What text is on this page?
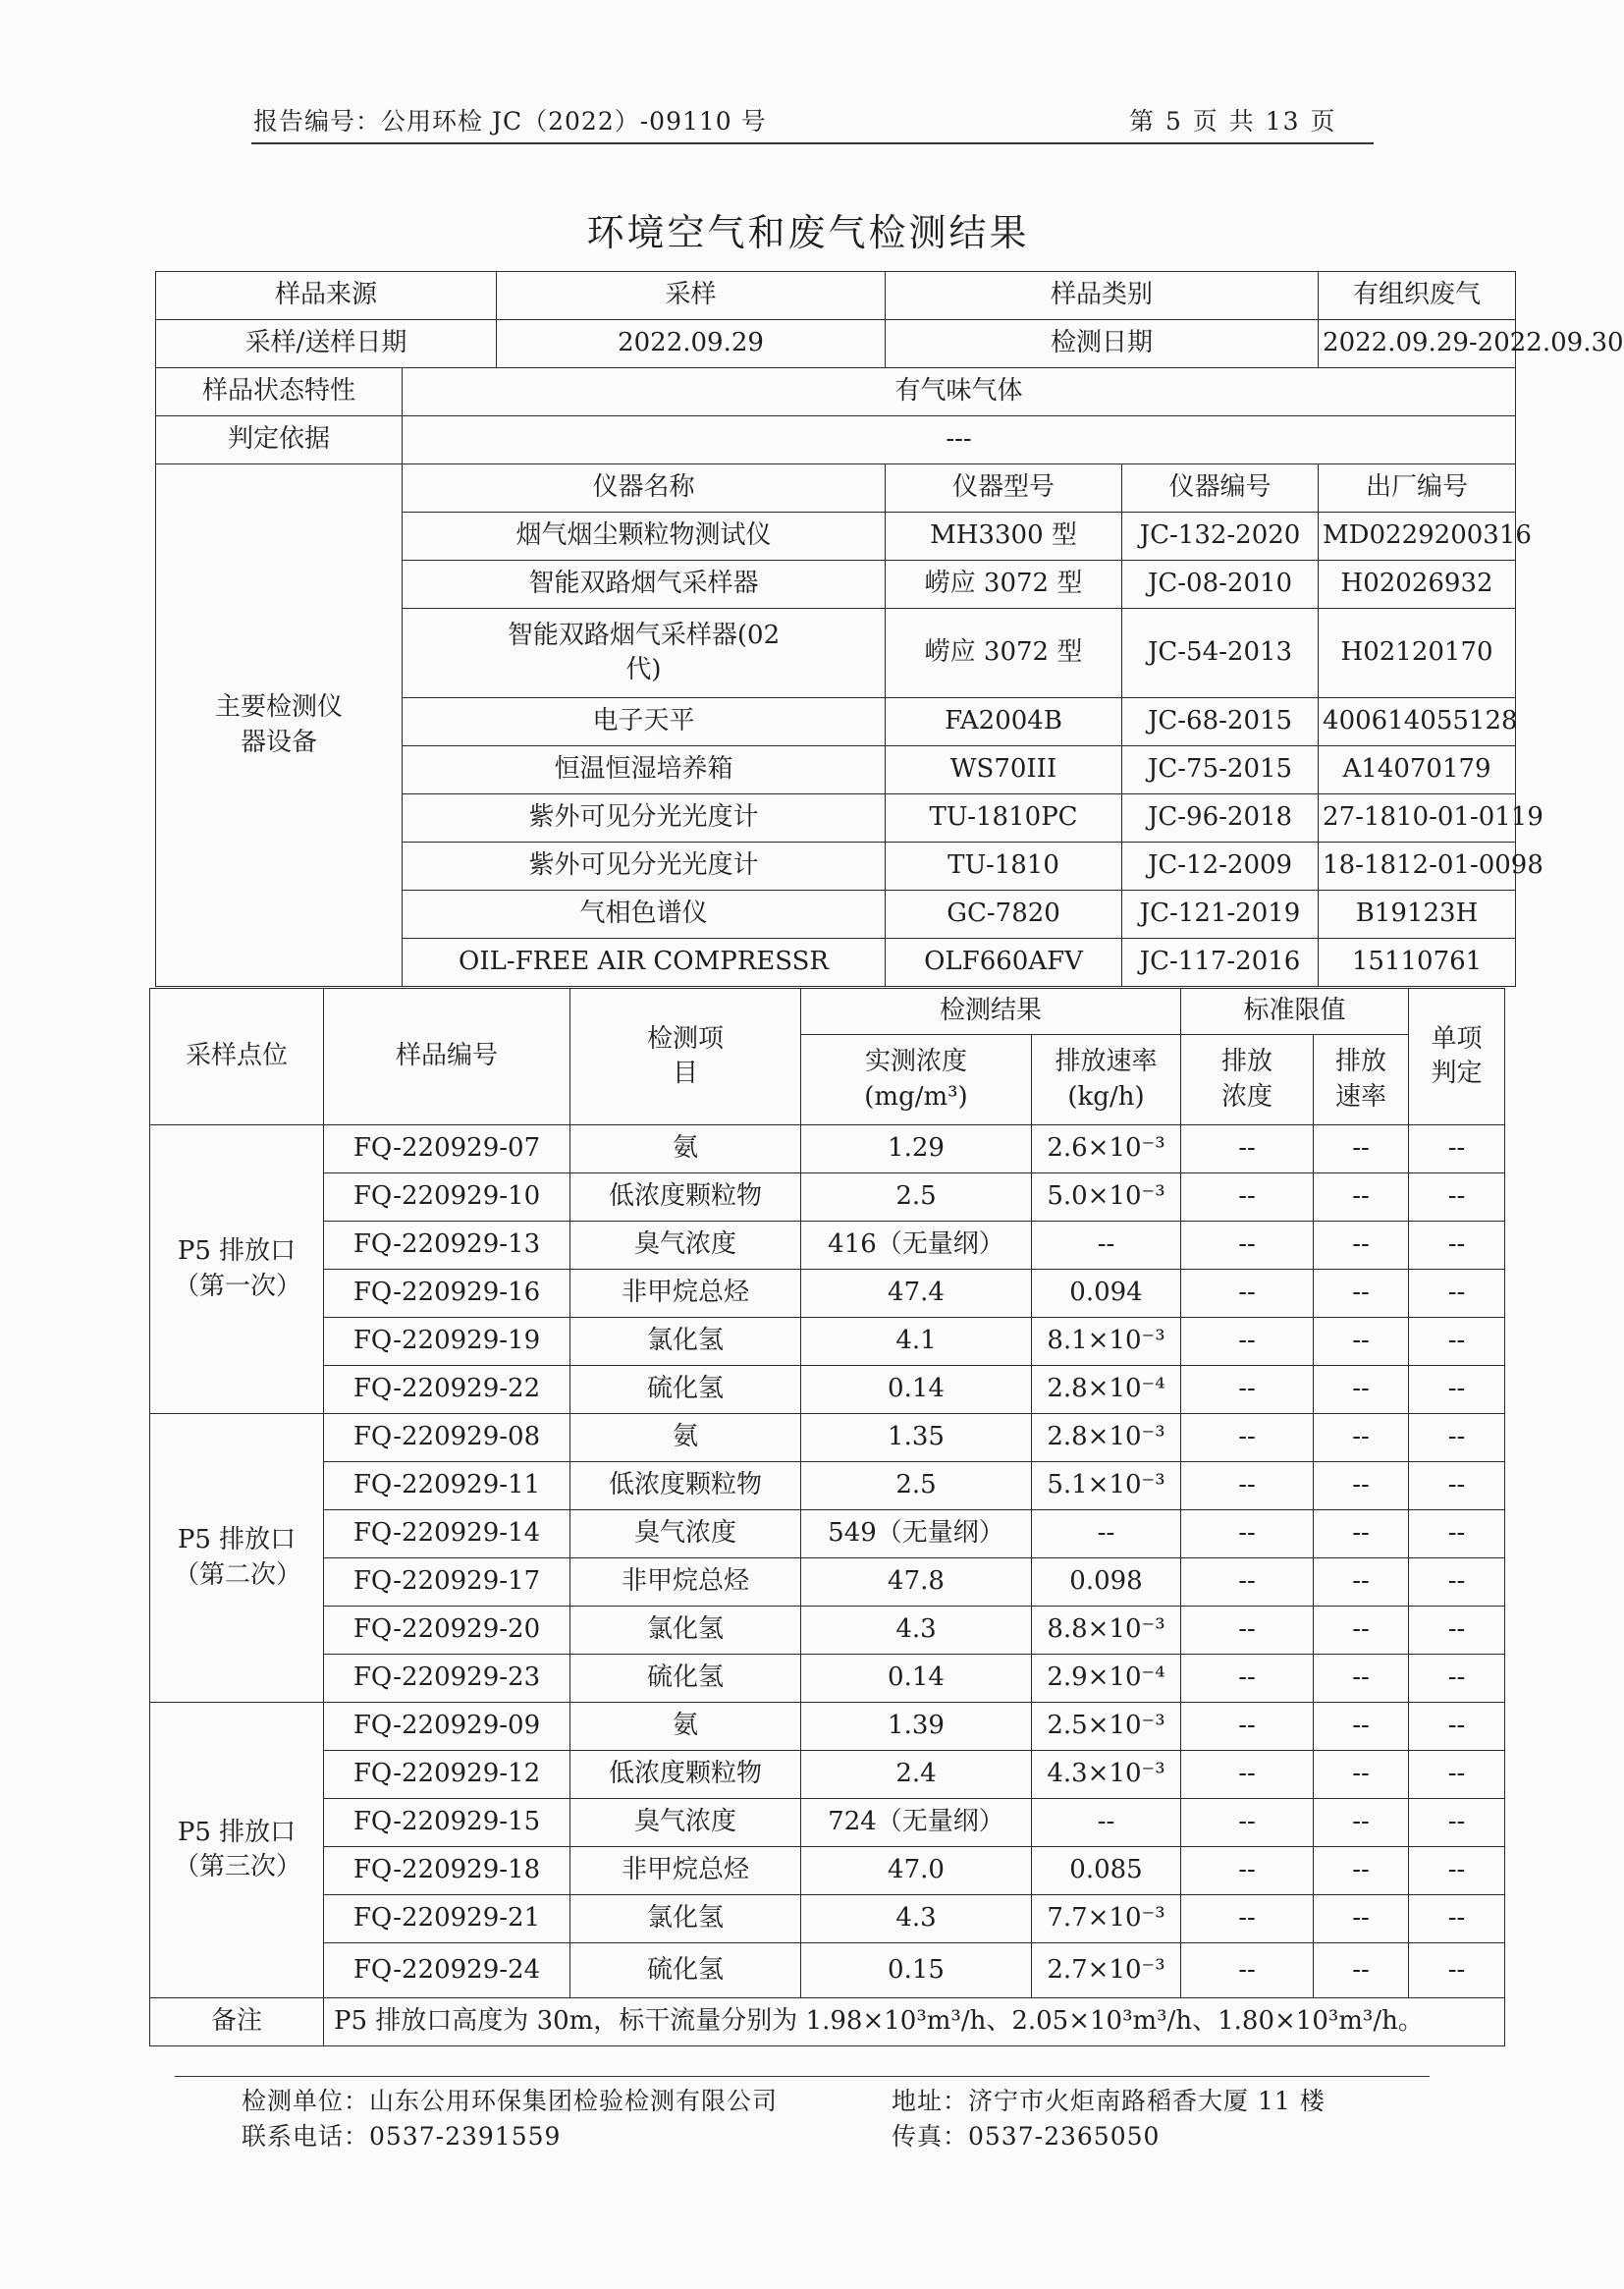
报告编号：公用环检 JC（2022）-09110 号	第 5 页 共 13 页
环境空气和废气检测结果
样品来源		采样	样品类别		有组织废气
采样/送样日期		2022.09.29	检测日期		2022.09.29-2022.09.30
样品状态特性	有气味气体				
判定依据	---				
主要检测仪器设备	仪器名称		仪器型号	仪器编号	出厂编号
	烟气烟尘颗粒物测试仪		MH3300 型	JC-132-2020	MD0229200316
	智能双路烟气采样器		崂应 3072 型	JC-08-2010	H02026932
	智能双路烟气采样器(02 代)		崂应 3072 型	JC-54-2013	H02120170
	电子天平		FA2004B	JC-68-2015	400614055128
	恒温恒湿培养箱		WS70III	JC-75-2015	A14070179
	紫外可见分光光度计		TU-1810PC	JC-96-2018	27-1810-01-0119
	紫外可见分光光度计		TU-1810	JC-12-2009	18-1812-01-0098
	气相色谱仪		GC-7820	JC-121-2019	B19123H
	OIL-FREE AIR COMPRESSR		OLF660AFV	JC-117-2016	15110761
采样点位	样品编号	检测项目	检测结果		标准限值		单项判定
			实测浓度(mg/m³)	排放速率(kg/h)	排放浓度	排放速率	
P5 排放口（第一次）	FQ-220929-07	氨	1.29	2.6×10⁻³	--	--	--
	FQ-220929-10	低浓度颗粒物	2.5	5.0×10⁻³	--	--	--
	FQ-220929-13	臭气浓度	416（无量纲）	--	--	--	--
	FQ-220929-16	非甲烷总烃	47.4	0.094	--	--	--
	FQ-220929-19	氯化氢	4.1	8.1×10⁻³	--	--	--
	FQ-220929-22	硫化氢	0.14	2.8×10⁻⁴	--	--	--
P5 排放口（第二次）	FQ-220929-08	氨	1.35	2.8×10⁻³	--	--	--
	FQ-220929-11	低浓度颗粒物	2.5	5.1×10⁻³	--	--	--
	FQ-220929-14	臭气浓度	549（无量纲）	--	--	--	--
	FQ-220929-17	非甲烷总烃	47.8	0.098	--	--	--
	FQ-220929-20	氯化氢	4.3	8.8×10⁻³	--	--	--
	FQ-220929-23	硫化氢	0.14	2.9×10⁻⁴	--	--	--
P5 排放口（第三次）	FQ-220929-09	氨	1.39	2.5×10⁻³	--	--	--
	FQ-220929-12	低浓度颗粒物	2.4	4.3×10⁻³	--	--	--
	FQ-220929-15	臭气浓度	724（无量纲）	--	--	--	--
	FQ-220929-18	非甲烷总烃	47.0	0.085	--	--	--
	FQ-220929-21	氯化氢	4.3	7.7×10⁻³	--	--	--
	FQ-220929-24	硫化氢	0.15	2.7×10⁻³	--	--	--
备注	P5 排放口高度为 30m，标干流量分别为 1.98×10³m³/h、2.05×10³m³/h、1.80×10³m³/h。						
检测单位：山东公用环保集团检验检测有限公司	地址：济宁市火炬南路稻香大厦 11 楼
联系电话：0537-2391559	传真：0537-2365050
